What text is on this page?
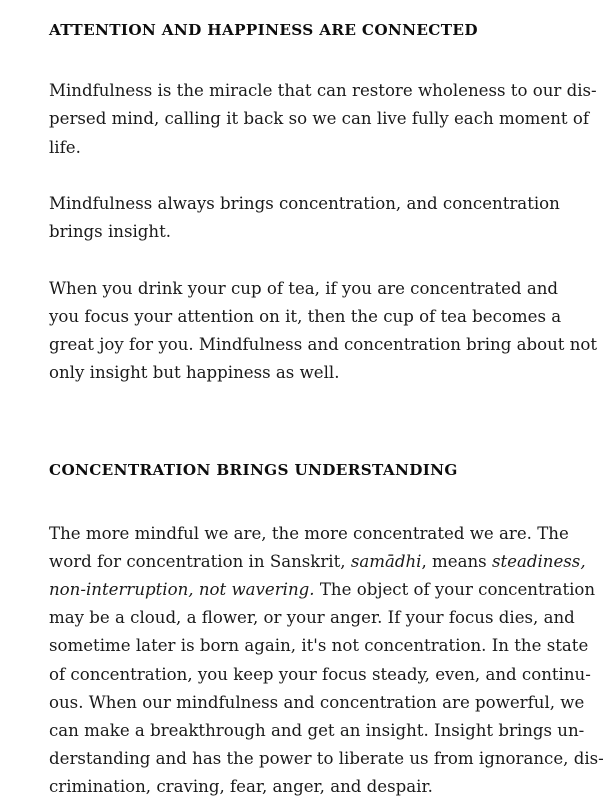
ATTENTION AND HAPPINESS ARE CONNECTED

Mindfulness is the miracle that can restore wholeness to our dis-
persed mind, calling it back so we can live fully each moment of
life.

Mindfulness always brings concentration, and concentration
brings insight.

When you drink your cup of tea, if you are concentrated and
you focus your attention on it, then the cup of tea becomes a
great joy for you. Mindfulness and concentration bring about not
only insight but happiness as well.

CONCENTRATION BRINGS UNDERSTANDING

The more mindful we are, the more concentrated we are. The
word for concentration in Sanskrit, samādhi, means steadiness,
non-interruption, not wavering. The object of your concentration
may be a cloud, a flower, or your anger. If your focus dies, and
sometime later is born again, it's not concentration. In the state
of concentration, you keep your focus steady, even, and continu-
ous. When our mindfulness and concentration are powerful, we
can make a breakthrough and get an insight. Insight brings un-
derstanding and has the power to liberate us from ignorance, dis-
crimination, craving, fear, anger, and despair.
